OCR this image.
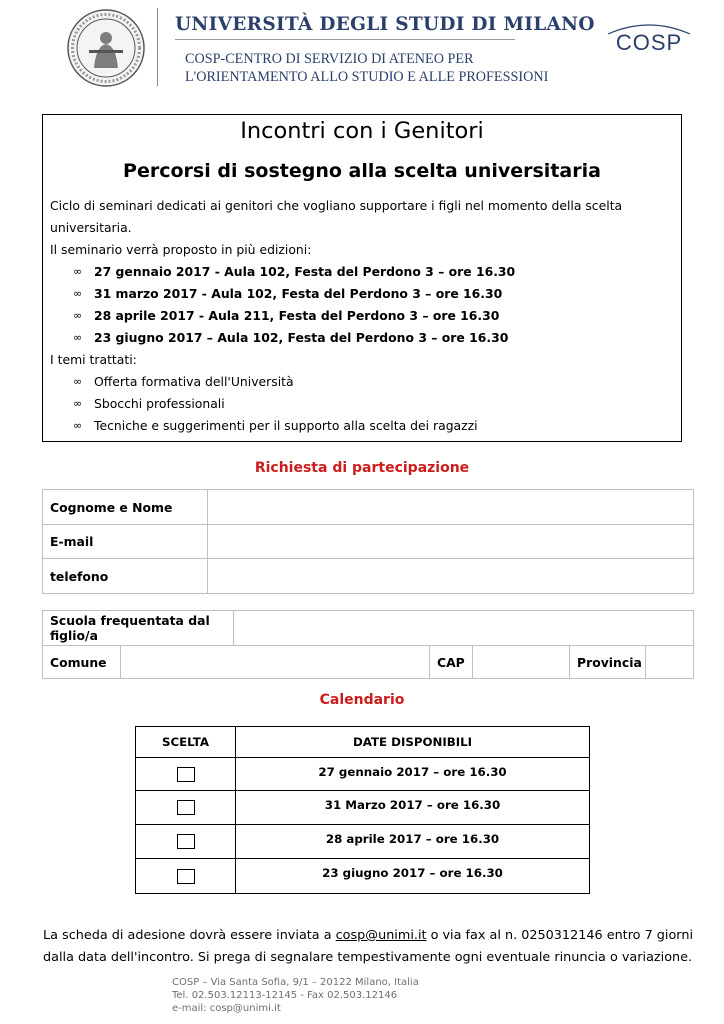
UNIVERSITÀ DEGLI STUDI DI MILANO
COSP-CENTRO DI SERVIZIO DI ATENEO PER
L'ORIENTAMENTO ALLO STUDIO E ALLE PROFESSIONI
COSP
Incontri con i Genitori
Percorsi di sostegno alla scelta universitaria
Ciclo di seminari dedicati ai genitori che vogliano supportare i figli nel momento della scelta
universitaria.
Il seminario verrà proposto in più edizioni:
∞ 27 gennaio 2017 - Aula 102, Festa del Perdono 3 – ore 16.30
∞ 31 marzo 2017 - Aula 102, Festa del Perdono 3 – ore 16.30
∞ 28 aprile 2017 - Aula 211, Festa del Perdono 3 – ore 16.30
∞ 23 giugno 2017 – Aula 102, Festa del Perdono 3 – ore 16.30
I temi trattati:
∞ Offerta formativa dell'Università
∞ Sbocchi professionali
∞ Tecniche e suggerimenti per il supporto alla scelta dei ragazzi
Richiesta di partecipazione
Cognome e Nome	
E-mail	
telefono	
Scuola frequentata dal
figlio/a						
Comune			CAP		Provincia	
Calendario
SCELTA	DATE DISPONIBILI
	27 gennaio 2017 – ore 16.30
	31 Marzo 2017 – ore 16.30
	28 aprile 2017 – ore 16.30
	23 giugno 2017 – ore 16.30
La scheda di adesione dovrà essere inviata a cosp@unimi.it o via fax al n. 0250312146 entro 7 giorni
dalla data dell'incontro. Si prega di segnalare tempestivamente ogni eventuale rinuncia o variazione.
COSP – Via Santa Sofia, 9/1 – 20122 Milano, Italia
Tel. 02.503.12113-12145 - Fax 02.503.12146
e-mail: cosp@unimi.it
